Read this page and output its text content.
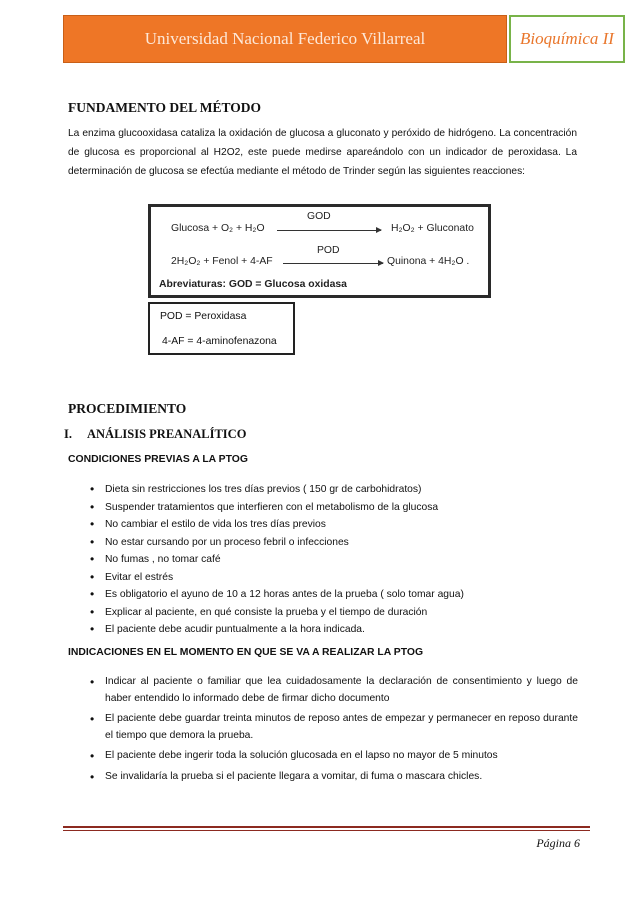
Universidad Nacional Federico Villarreal	Bioquímica II
FUNDAMENTO DEL MÉTODO

La enzima glucooxidasa cataliza la oxidación de glucosa a gluconato y peróxido de hidrógeno. La concentración de glucosa es proporcional al H2O2, este puede medirse apareándolo con un indicador de peroxidasa. La determinación de glucosa se efectúa mediante el método de Trinder según las siguientes reacciones:

Glucosa + O₂ + H₂O
GOD
H₂O₂ + Gluconato
2H₂O₂ + Fenol + 4-AF
POD
Quinona + 4H₂O .
Abreviaturas: GOD = Glucosa oxidasa
POD = Peroxidasa
4-AF = 4-aminofenazona
PROCEDIMIENTO
I. ANÁLISIS PREANALÍTICO
CONDICIONES PREVIAS A LA PTOG
• Dieta sin restricciones los tres días previos ( 150 gr de carbohidratos)
• Suspender tratamientos que interfieren con el metabolismo de la glucosa
• No cambiar el estilo de vida los tres días previos
• No estar cursando por un proceso febril o infecciones
• No fumas , no tomar café
• Evitar el estrés
• Es obligatorio el ayuno de 10 a 12 horas antes de la prueba ( solo tomar agua)
• Explicar al paciente, en qué consiste la prueba y el tiempo de duración
• El paciente debe acudir puntualmente a la hora indicada.
INDICACIONES EN EL MOMENTO EN QUE SE VA A REALIZAR LA PTOG
• Indicar al paciente o familiar que lea cuidadosamente la declaración de consentimiento y luego de haber entendido lo informado debe de firmar dicho documento
• El paciente debe guardar treinta minutos de reposo antes de empezar y permanecer en reposo durante el tiempo que demora la prueba.
• El paciente debe ingerir toda la solución glucosada en el lapso no mayor de 5 minutos
• Se invalidaría la prueba si el paciente llegara a vomitar, di fuma o mascara chicles.
Página 6
